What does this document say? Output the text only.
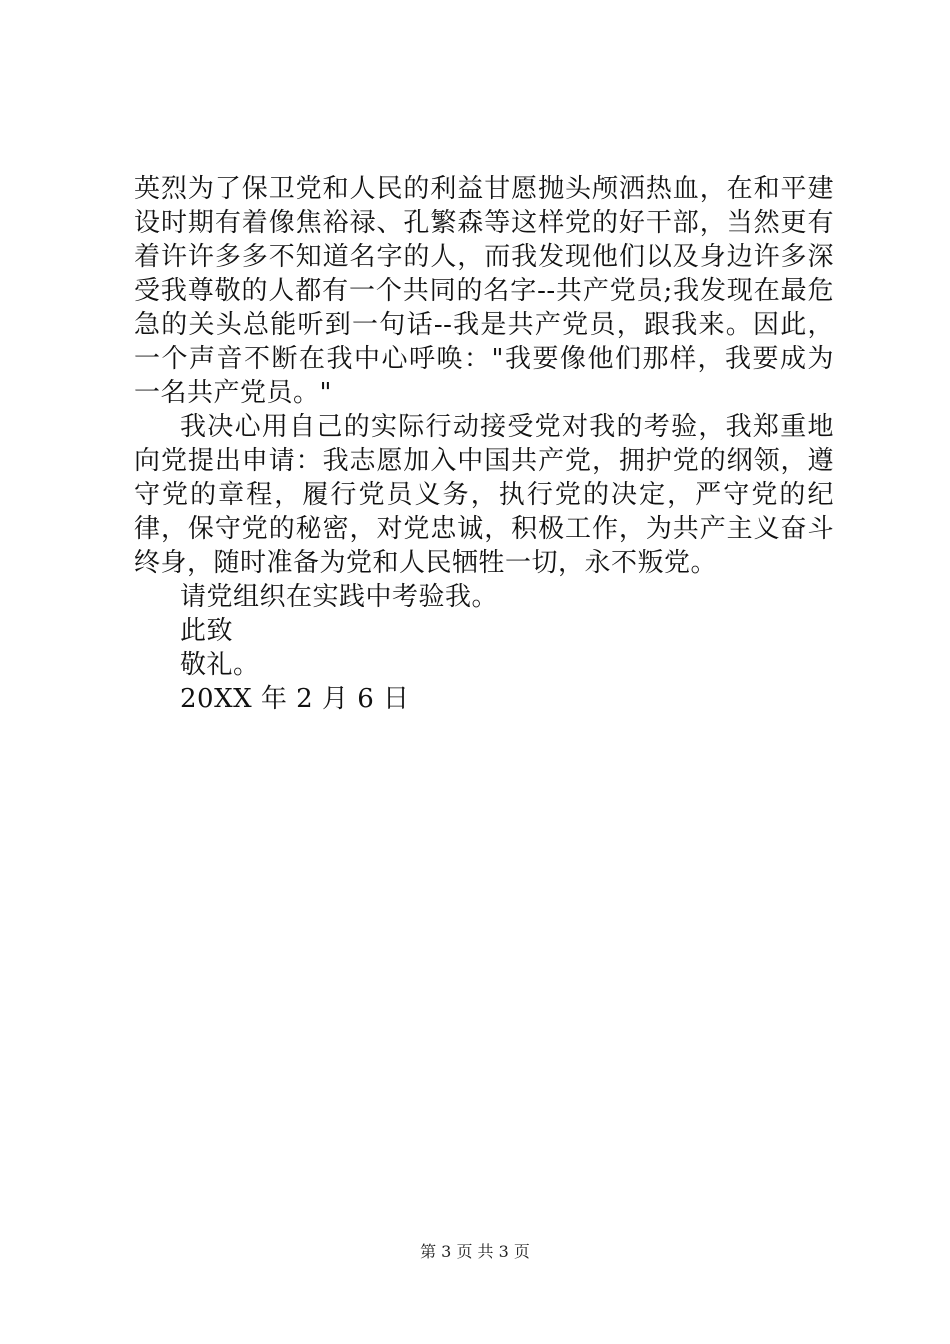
英烈为了保卫党和人民的利益甘愿抛头颅洒热血，在和平建设时期有着像焦裕禄、孔繁森等这样党的好干部，当然更有着许许多多不知道名字的人，而我发现他们以及身边许多深受我尊敬的人都有一个共同的名字--共产党员;我发现在最危急的关头总能听到一句话--我是共产党员，跟我来。因此，一个声音不断在我中心呼唤："我要像他们那样，我要成为一名共产党员。"

我决心用自己的实际行动接受党对我的考验，我郑重地向党提出申请：我志愿加入中国共产党，拥护党的纲领，遵守党的章程，履行党员义务，执行党的决定，严守党的纪律，保守党的秘密，对党忠诚，积极工作，为共产主义奋斗终身，随时准备为党和人民牺牲一切，永不叛党。

请党组织在实践中考验我。

此致

敬礼。

20XX 年 2 月 6 日

第 3 页 共 3 页
